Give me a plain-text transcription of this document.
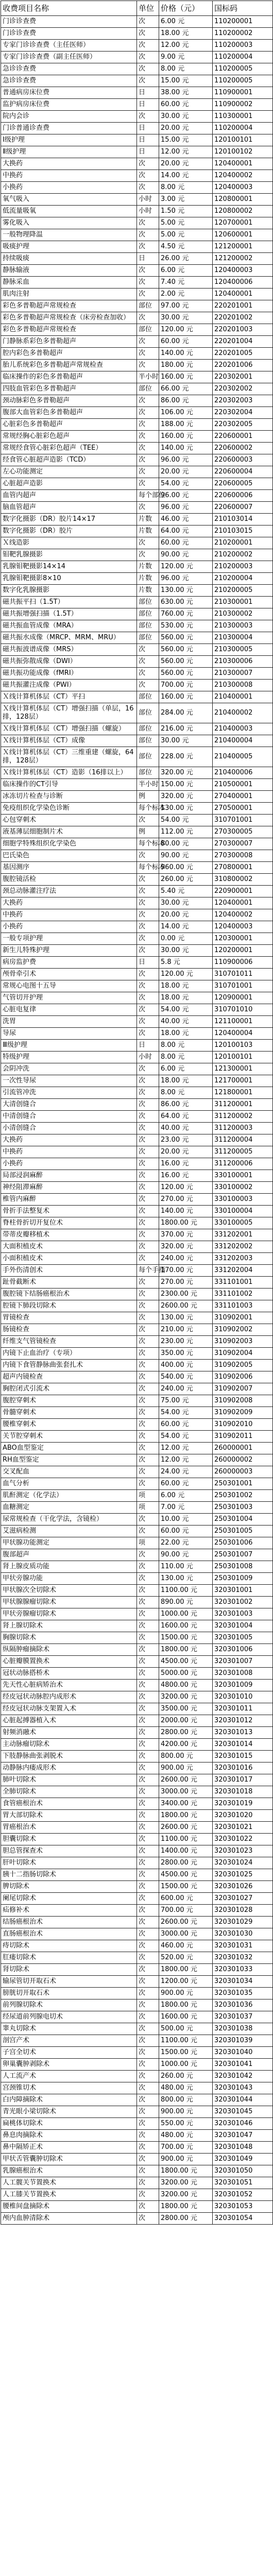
收费项目名称	单位	价格（元）	国标码
门诊诊查费	次	6.00 元	110200001
门诊诊查费	次	18.00 元	110200002
专家门诊诊查费（主任医师）	次	12.00 元	110200003
专家门诊诊查费（副主任医师）	次	9.00 元	110200004
急诊诊查费	次	8.00 元	110200005
急诊诊查费	次	15.00 元	110200005
普通病房床位费	日	38.00 元	110900001
监护病房床位费	日	60.00 元	110900002
院内会诊	次	30.00 元	110300001
门诊普通诊查费	日	20.00 元	110200004
Ⅰ级护理	日	15.00 元	120100101
Ⅱ级护理	日	12.00 元	120100102
大换药	次	20.00 元	120400001
中换药	次	14.00 元	120400002
小换药	次	8.00 元	120400003
氧气吸入	小时	3.00 元	120800001
低流量吸氧	小时	1.50 元	120800002
雾化吸入	次	5.00 元	120700001
一般物理降温	次	5.00 元	120600001
吸痰护理	次	4.50 元	121200001
持续吸痰	日	26.00 元	121200002
静脉输液	次	6.00 元	120400003
静脉采血	次	7.40 元	120400006
肌肉注射	次	2.00 元	120400001
彩色多普勒超声常规检查	部位	97.00 元	220201001
彩色多普勒超声常规检查（床旁检查加收）	次	30.00 元	220201002
彩色多普勒超声常规检查	部位	120.00 元	220201003
门静脉系彩色多普勒超声	次	60.00 元	220201004
腔内彩色多普勒超声	次	140.00 元	220201005
胎儿系统彩色多普勒超声常规检查	次	180.00 元	220201006
临床操作的彩色多普勒超声	半小时	160.00 元	220302001
四肢血管彩色多普勒超声	部位	66.00 元	220302002
颈动脉彩色多普勒超声	次	86.00 元	220302003
腹部大血管彩色多普勒超声	次	106.00 元	220302004
心脏彩色多普勒超声	次	188.00 元	220302005
常规经胸心脏彩色超声	次	160.00 元	220600001
常规经食管心脏彩色超声（TEE）	次	140.00 元	220600002
经食管心脏超声造影（TCD）	次	96.00 元	220600003
左心功能测定	次	20.00 元	220600004
心脏超声造影	次	54.00 元	220600005
血管内超声	每个部位	96.00 元	220600006
脑血管超声	次	96.00 元	220600007
数字化摄影（DR）胶片14×17	片数	46.00 元	210103014
数字化摄影（DR）胶片	片数	64.00 元	210103015
Ｘ线造影	次	60.00 元	210200001
钼靶乳腺摄影	次	90.00 元	210200002
乳腺钼靶摄影14×14	片数	120.00 元	210200003
乳腺钼靶摄影8×10	片数	96.00 元	210200004
数字化乳腺摄影	片数	130.00 元	210200005
磁共振平扫（1.5T）	部位	630.00 元	210300001
磁共振增强扫描（1.5T）	部位	760.00 元	210300002
磁共振血管成像（MRA）	部位	530.00 元	210300003
磁共振水成像（MRCP、MRM、MRU）	部位	560.00 元	210300004
磁共振波谱成像（MRS）	次	560.00 元	210300005
磁共振弥散成像（DWI）	次	560.00 元	210300006
磁共振功能成像（fMRI）	次	560.00 元	210300007
磁共振灌注成像（PWI）	次	700.00 元	210300008
Ｘ线计算机体层（CT）平扫	部位	160.00 元	210400001
Ｘ线计算机体层（CT）增强扫描（单层，16排，128层）	部位	284.00 元	210400002
Ｘ线计算机体层（CT）增强扫描（螺旋）	部位	216.00 元	210400003
Ｘ线计算机体层（CT）成像	部位	30.00 元	210400004
Ｘ线计算机体层（CT）三维重建（螺旋，64排，128层）	部位	228.00 元	210400005
Ｘ线计算机体层（CT）造影（16排以上）	部位	320.00 元	210400006
临床操作的CT引导	半小时	150.00 元	210500001
冰冻切片检查与诊断	例	320.00 元	270400001
免疫组织化学染色诊断	每个标本	130.00 元	270500001
心包穿刺术	次	54.00 元	310701001
液基薄层细胞制片术	例	112.00 元	270300005
细胞学特殊组织化学染色	每个标本	80.00 元	270300007
巴氏染色	次	90.00 元	270300008
基因测序	每个标本	960.00 元	270800001
腹腔镜活检	次	260.00 元	310800002
颈总动脉灌注疗法	次	5.40 元	220900001
大换药	次	30.00 元	120400001
中换药	次	20.00 元	120400002
小换药	次	14.00 元	120400003
一般专项护理	次	0.00 元	120300001
新生儿特殊护理	次	30.00 元	120200001
病房监护费	日	5.8 元	110900006
颅骨牵引术	次	120.00 元	310701011
常规心电图十五导	次	18.00 元	310701001
气管切开护理	次	18.00 元	120900001
心脏电复律	次	54.00 元	310701010
洗胃	次	40.00 元	121100001
导尿	次	18.00 元	120400004
Ⅲ级护理	日	8.00 元	120100103
特级护理	小时	8.00 元	120100101
会阴冲洗	次	6.00 元	121300001
一次性导尿	次	18.00 元	121700001
引流管冲洗	次	8.00 元	121800001
大清创缝合	次	86.00 元	311200001
中清创缝合	次	64.00 元	311200002
小清创缝合	次	40.00 元	311200003
大换药	次	23.00 元	311200004
中换药	次	20.00 元	311200005
小换药	次	16.00 元	311200006
局部浸润麻醉	次	16.00 元	330100001
神经阻滞麻醉	次	120.00 元	330100002
椎管内麻醉	次	270.00 元	330100003
骨折手法整复术	次	140.00 元	330100004
脊柱骨折切开复位术	次	1800.00 元	330100005
带蒂皮瓣移植术	次	370.00 元	331202001
大面积植皮术	次	320.00 元	331202002
小面积植皮术	次	240.00 元	331202003
手外伤清创术	每个手指	170.00 元	331202004
趾骨截断术	次	270.00 元	331101001
腹腔镜下结肠癌根治术	次	2300.00 元	331101002
腔镜下肺段切除术	次	2600.00 元	331101003
胃镜检查	次	130.00 元	310902001
肠镜检查	次	210.00 元	310902002
纤维支气管镜检查	次	230.00 元	310902003
内镜下止血治疗（专项）	次	350.00 元	310902004
内镜下食管静脉曲张套扎术	次	400.00 元	310902005
超声内镜检查	次	540.00 元	310902006
胸腔闭式引流术	次	240.00 元	310902007
腹腔穿刺术	次	75.00 元	310902008
骨髓穿刺术	次	54.00 元	310902009
腰椎穿刺术	次	60.00 元	310902010
关节腔穿刺术	次	54.00 元	310902011
ABO血型鉴定	次	12.00 元	260000001
RH血型鉴定	次	12.00 元	260000002
交叉配血	次	24.00 元	260000003
血气分析	次	60.00 元	250301001
肌酐测定（化学法）	项	6.00 元	250301002
血糖测定	项	7.00 元	250301003
尿常规检查（干化学法，含镜检）	次	10.00 元	250301004
艾滋病检测	次	60.00 元	250301005
甲状腺功能测定	项	22.00 元	250301006
腹部超声	次	90.00 元	250301007
肾上腺皮质功能	次	110.00 元	250301008
甲状旁腺功能	次	130.00 元	250301009
甲状腺次全切除术	次	1100.00 元	320301001
甲状腺腺瘤切除术	次	890.00 元	320301002
甲状旁腺瘤切除术	次	1000.00 元	320301003
肾上腺切除术	次	1600.00 元	320301004
胸腺切除术	次	1500.00 元	320301005
纵隔肿瘤摘除术	次	1800.00 元	320301006
心脏瓣膜置换术	次	4500.00 元	320301007
冠状动脉搭桥术	次	5000.00 元	320301008
先天性心脏病矫治术	次	4800.00 元	320301009
经皮冠状动脉腔内成形术	次	3200.00 元	320301010
经皮冠状动脉支架置入术	次	3500.00 元	320301011
心脏起搏器植入术	次	2000.00 元	320301012
射频消融术	次	2800.00 元	320301013
主动脉瘤切除术	次	4200.00 元	320301014
下肢静脉曲张剥脱术	次	800.00 元	320301015
动静脉内瘘成形术	次	900.00 元	320301016
肺叶切除术	次	2600.00 元	320301017
全肺切除术	次	3000.00 元	320301018
食管癌根治术	次	3400.00 元	320301019
胃大部切除术	次	1800.00 元	320301020
胃癌根治术	次	2600.00 元	320301021
胆囊切除术	次	1100.00 元	320301022
胆总管探查术	次	1400.00 元	320301023
肝叶切除术	次	2800.00 元	320301024
胰十二指肠切除术	次	4500.00 元	320301025
脾切除术	次	1500.00 元	320301026
阑尾切除术	次	600.00 元	320301027
疝修补术	次	700.00 元	320301028
结肠癌根治术	次	2600.00 元	320301029
直肠癌根治术	次	3000.00 元	320301030
痔切除术	次	460.00 元	320301031
肛瘘切除术	次	520.00 元	320301032
肾切除术	次	1800.00 元	320301033
输尿管切开取石术	次	1200.00 元	320301034
膀胱切开取石术	次	900.00 元	320301035
前列腺切除术	次	1800.00 元	320301036
经尿道前列腺电切术	次	1600.00 元	320301037
睾丸切除术	次	500.00 元	320301038
剖宫产术	次	1100.00 元	320301039
子宫全切术	次	1500.00 元	320301040
卵巢囊肿剥除术	次	1000.00 元	320301041
人工流产术	次	260.00 元	320301042
宫颈锥切术	次	480.00 元	320301043
白内障摘除术	次	800.00 元	320301044
青光眼小梁切除术	次	900.00 元	320301045
扁桃体切除术	次	550.00 元	320301046
鼻息肉摘除术	次	480.00 元	320301047
鼻中隔矫正术	次	700.00 元	320301048
甲状舌管囊肿切除术	次	900.00 元	320301049
乳腺癌根治术	次	1800.00 元	320301050
人工髋关节置换术	次	3200.00 元	320301051
人工膝关节置换术	次	3200.00 元	320301052
腰椎间盘摘除术	次	1800.00 元	320301053
颅内血肿清除术	次	2800.00 元	320301054
